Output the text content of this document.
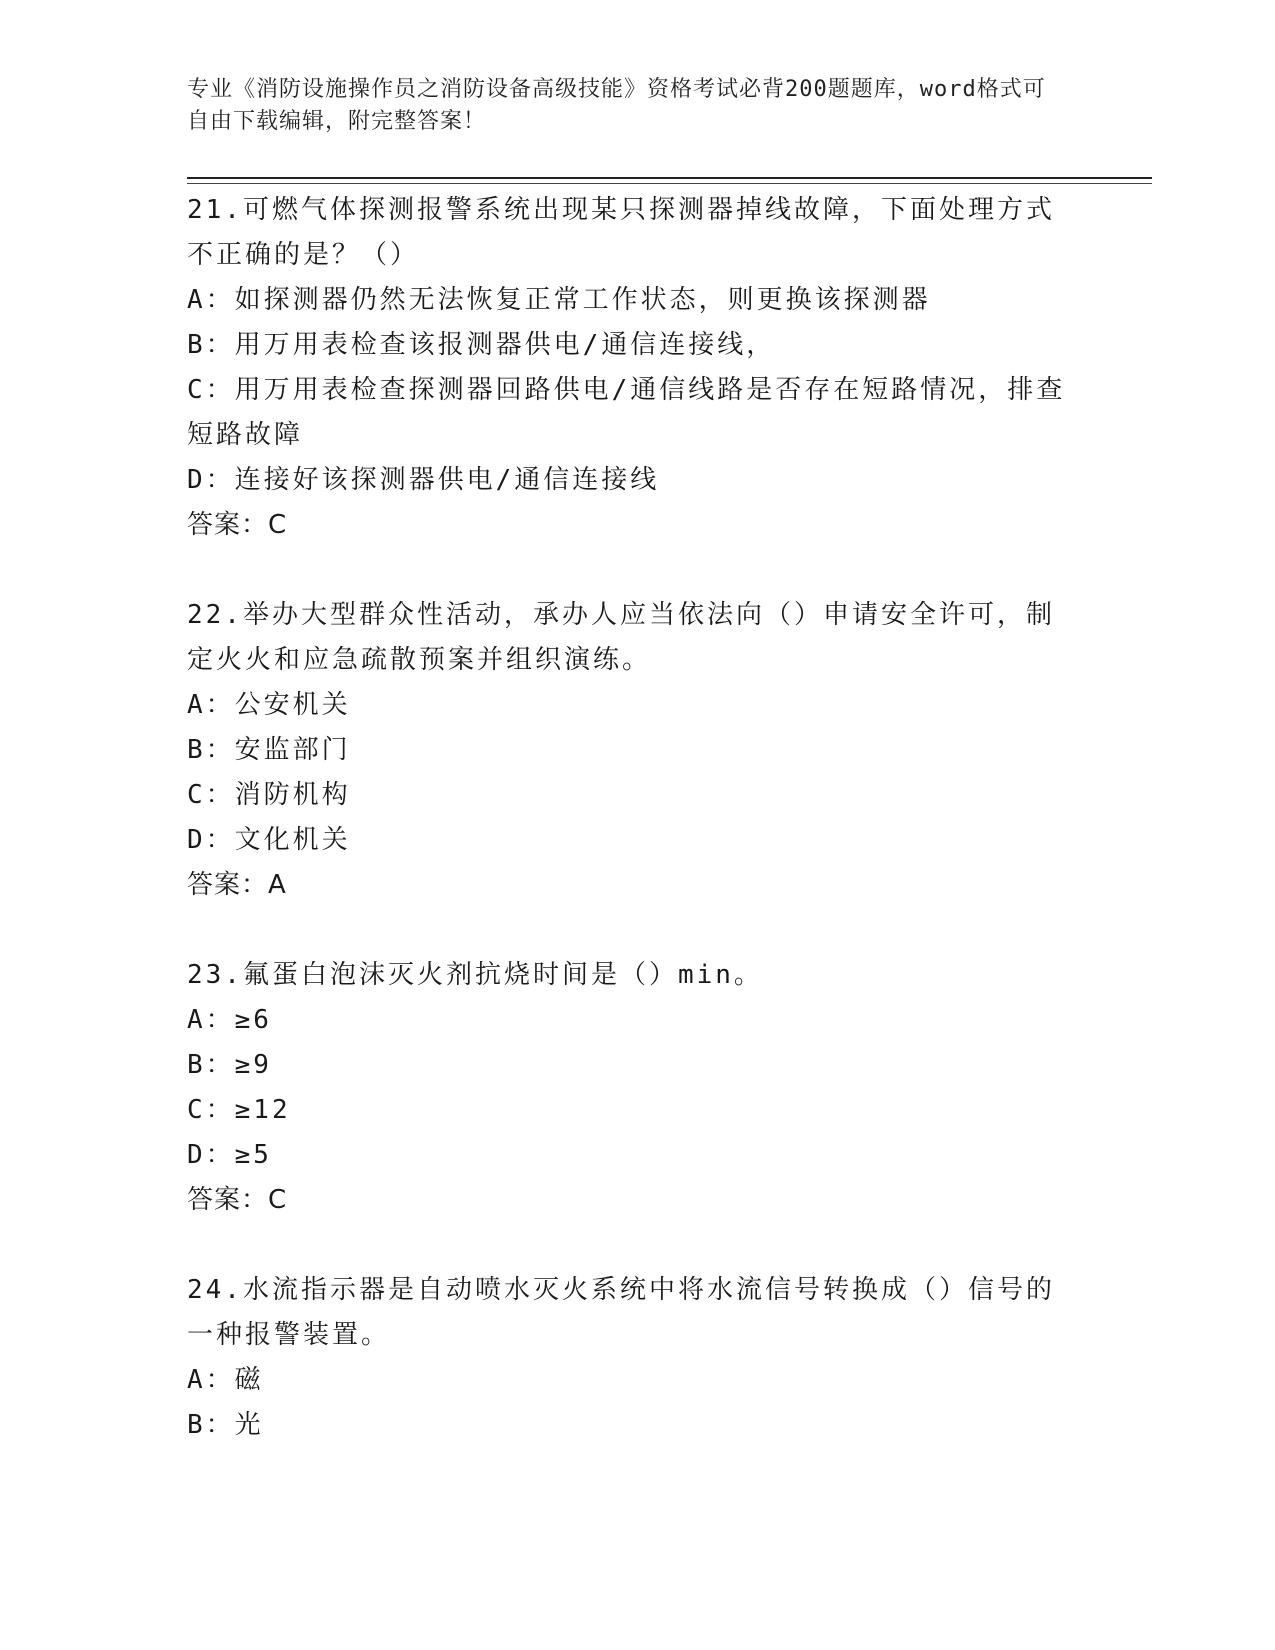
专业《消防设施操作员之消防设备高级技能》资格考试必背200题题库，word格式可自由下载编辑，附完整答案！
21.可燃气体探测报警系统出现某只探测器掉线故障，下面处理方式不正确的是？（）
A：如探测器仍然无法恢复正常工作状态，则更换该探测器
B：用万用表检查该报测器供电/通信连接线，
C：用万用表检查探测器回路供电/通信线路是否存在短路情况，排查短路故障
D：连接好该探测器供电/通信连接线
答案：C
22.举办大型群众性活动，承办人应当依法向（）申请安全许可，制定火火和应急疏散预案并组织演练。
A：公安机关
B：安监部门
C：消防机构
D：文化机关
答案：A
23.氟蛋白泡沫灭火剂抗烧时间是（）min。
A：≥6
B：≥9
C：≥12
D：≥5
答案：C
24.水流指示器是自动喷水灭火系统中将水流信号转换成（）信号的一种报警装置。
A：磁
B：光
